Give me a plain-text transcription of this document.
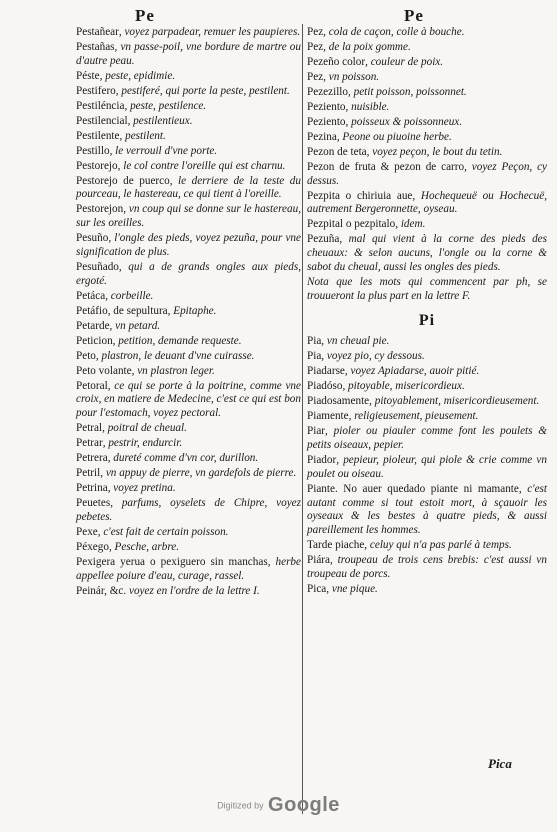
Pe	Pe

Pestañear, voyez parpadear, remuer les paupieres.

Pestañas, vn passe-poil, vne bordure de martre ou d'autre peau.

Péste, peste, epidimie.

Pestifero, pestiferé, qui porte la peste, pestilent.

Pestiléncia, peste, pestilence.

Pestilencial, pestilentieux.

Pestilente, pestilent.

Pestillo, le verrouil d'vne porte.

Pestorejo, le col contre l'oreille qui est charnu.

Pestorejo de puerco, le derriere de la teste du pourceau, le hastereau, ce qui tient à l'oreille.

Pestorejon, vn coup qui se donne sur le hastereau, sur les oreilles.

Pesuño, l'ongle des pieds, voyez pezuña, pour vne signification de plus.

Pesuñado, qui a de grands ongles aux pieds, ergoté.

Petáca, corbeille.

Petáfio, de sepultura, Epitaphe.

Petarde, vn petard.

Peticion, petition, demande requeste.

Peto, plastron, le deuant d'vne cuirasse.

Peto volante, vn plastron leger.

Petoral, ce qui se porte à la poitrine, comme vne croix, en matiere de Medecine, c'est ce qui est bon pour l'estomach, voyez pectoral.

Petral, poitral de cheual.

Petrar, pestrir, endurcir.

Petrera, dureté comme d'vn cor, durillon.

Petril, vn appuy de pierre, vn gardefols de pierre.

Petrina, voyez pretina.

Peuetes, parfums, oyselets de Chipre, voyez pebetes.

Pexe, c'est fait de certain poisson.

Péxego, Pesche, arbre.

Pexigera yerua o pexiguero sin manchas, herbe appellee poiure d'eau, curage, rassel.

Peinár, &c. voyez en l'ordre de la lettre I.

Pez, cola de caçon, colle à bouche.

Pez, de la poix gomme.

Pezeño color, couleur de poix.

Pez, vn poisson.

Pezezillo, petit poisson, poissonnet.

Peziento, nuisible.

Peziento, poisseux & poissonneux.

Pezina, Peone ou piuoine herbe.

Pezon de teta, voyez peçon, le bout du tetin.

Pezon de fruta & pezon de carro, voyez Peçon, cy dessus.

Pezpita o chiriuia aue, Hochequeuë ou Hochecuë, autrement Bergeronnette, oyseau.

Pezpital o pezpitalo, idem.

Pezuña, mal qui vient à la corne des pieds des cheuaux: & selon aucuns, l'ongle ou la corne & sabot du cheual, aussi les ongles des pieds.

Nota que les mots qui commencent par ph, se trouueront la plus part en la lettre F.

Pi

Pia, vn cheual pie.

Pia, voyez pio, cy dessous.

Piadarse, voyez Apiadarse, auoir pitié.

Piadóso, pitoyable, misericordieux.

Piadosamente, pitoyablement, misericordieusement.

Piamente, religieusement, pieusement.

Piar, pioler ou piauler comme font les poulets & petits oiseaux, pepier.

Piador, pepieur, pioleur, qui piole & crie comme vn poulet ou oiseau.

Piante. No auer quedado piante ni mamante, c'est autant comme si tout estoit mort, à sçauoir les oyseaux & les bestes à quatre pieds, & aussi pareillement les hommes.

Tarde piache, celuy qui n'a pas parlé à temps.

Piára, troupeau de trois cens brebis: c'est aussi vn troupeau de porcs.

Pica, vne pique.

Pica
Digitized by Google
